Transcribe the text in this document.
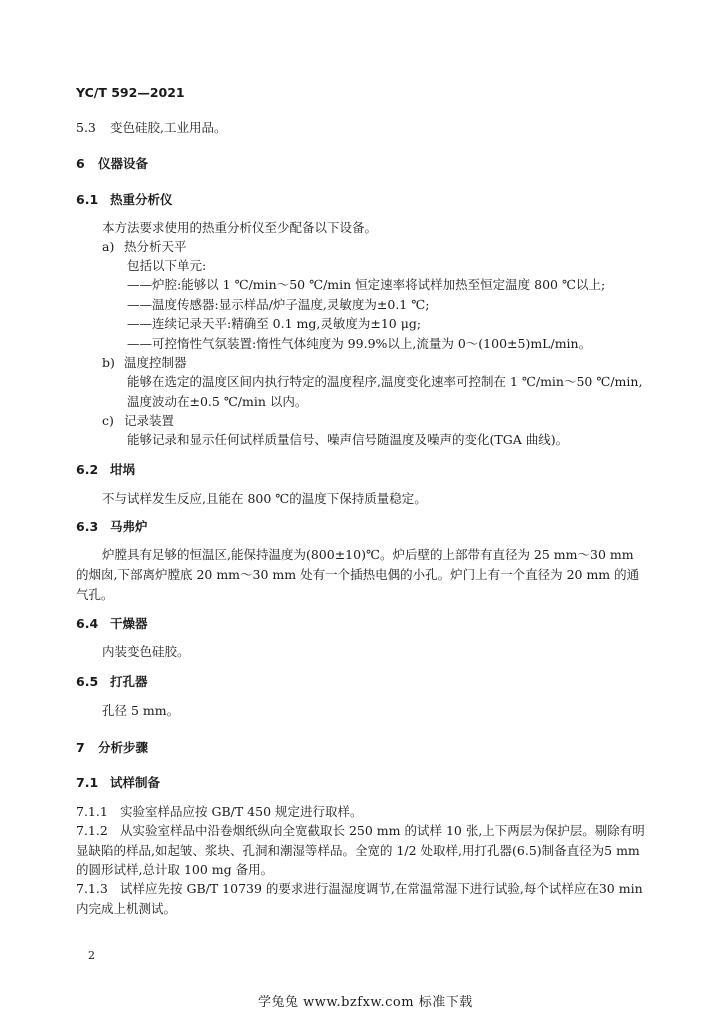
YC/T 592—2021
5.3 变色硅胶,工业用品。
6 仪器设备
6.1 热重分析仪
本方法要求使用的热重分析仪至少配备以下设备。
a) 热分析天平
包括以下单元:
——炉腔:能够以 1 ℃/min～50 ℃/min 恒定速率将试样加热至恒定温度 800 ℃以上;
——温度传感器:显示样品/炉子温度,灵敏度为±0.1 ℃;
——连续记录天平:精确至 0.1 mg,灵敏度为±10 μg;
——可控惰性气氛装置:惰性气体纯度为 99.9%以上,流量为 0～(100±5)mL/min。
b) 温度控制器
能够在选定的温度区间内执行特定的温度程序,温度变化速率可控制在 1 ℃/min～50 ℃/min,
温度波动在±0.5 ℃/min 以内。
c) 记录装置
能够记录和显示任何试样质量信号、噪声信号随温度及噪声的变化(TGA 曲线)。
6.2 坩埚
不与试样发生反应,且能在 800 ℃的温度下保持质量稳定。
6.3 马弗炉
炉膛具有足够的恒温区,能保持温度为(800±10)℃。炉后壁的上部带有直径为 25 mm～30 mm
的烟囱,下部离炉膛底 20 mm～30 mm 处有一个插热电偶的小孔。炉门上有一个直径为 20 mm 的通
气孔。
6.4 干燥器
内装变色硅胶。
6.5 打孔器
孔径 5 mm。
7 分析步骤
7.1 试样制备
7.1.1 实验室样品应按 GB/T 450 规定进行取样。
7.1.2 从实验室样品中沿卷烟纸纵向全宽截取长 250 mm 的试样 10 张,上下两层为保护层。剔除有明
显缺陷的样品,如起皱、浆块、孔洞和潮湿等样品。全宽的 1/2 处取样,用打孔器(6.5)制备直径为5 mm
的圆形试样,总计取 100 mg 备用。
7.1.3 试样应先按 GB/T 10739 的要求进行温湿度调节,在常温常湿下进行试验,每个试样应在30 min
内完成上机测试。
2
学兔兔 www.bzfxw.com 标准下载
